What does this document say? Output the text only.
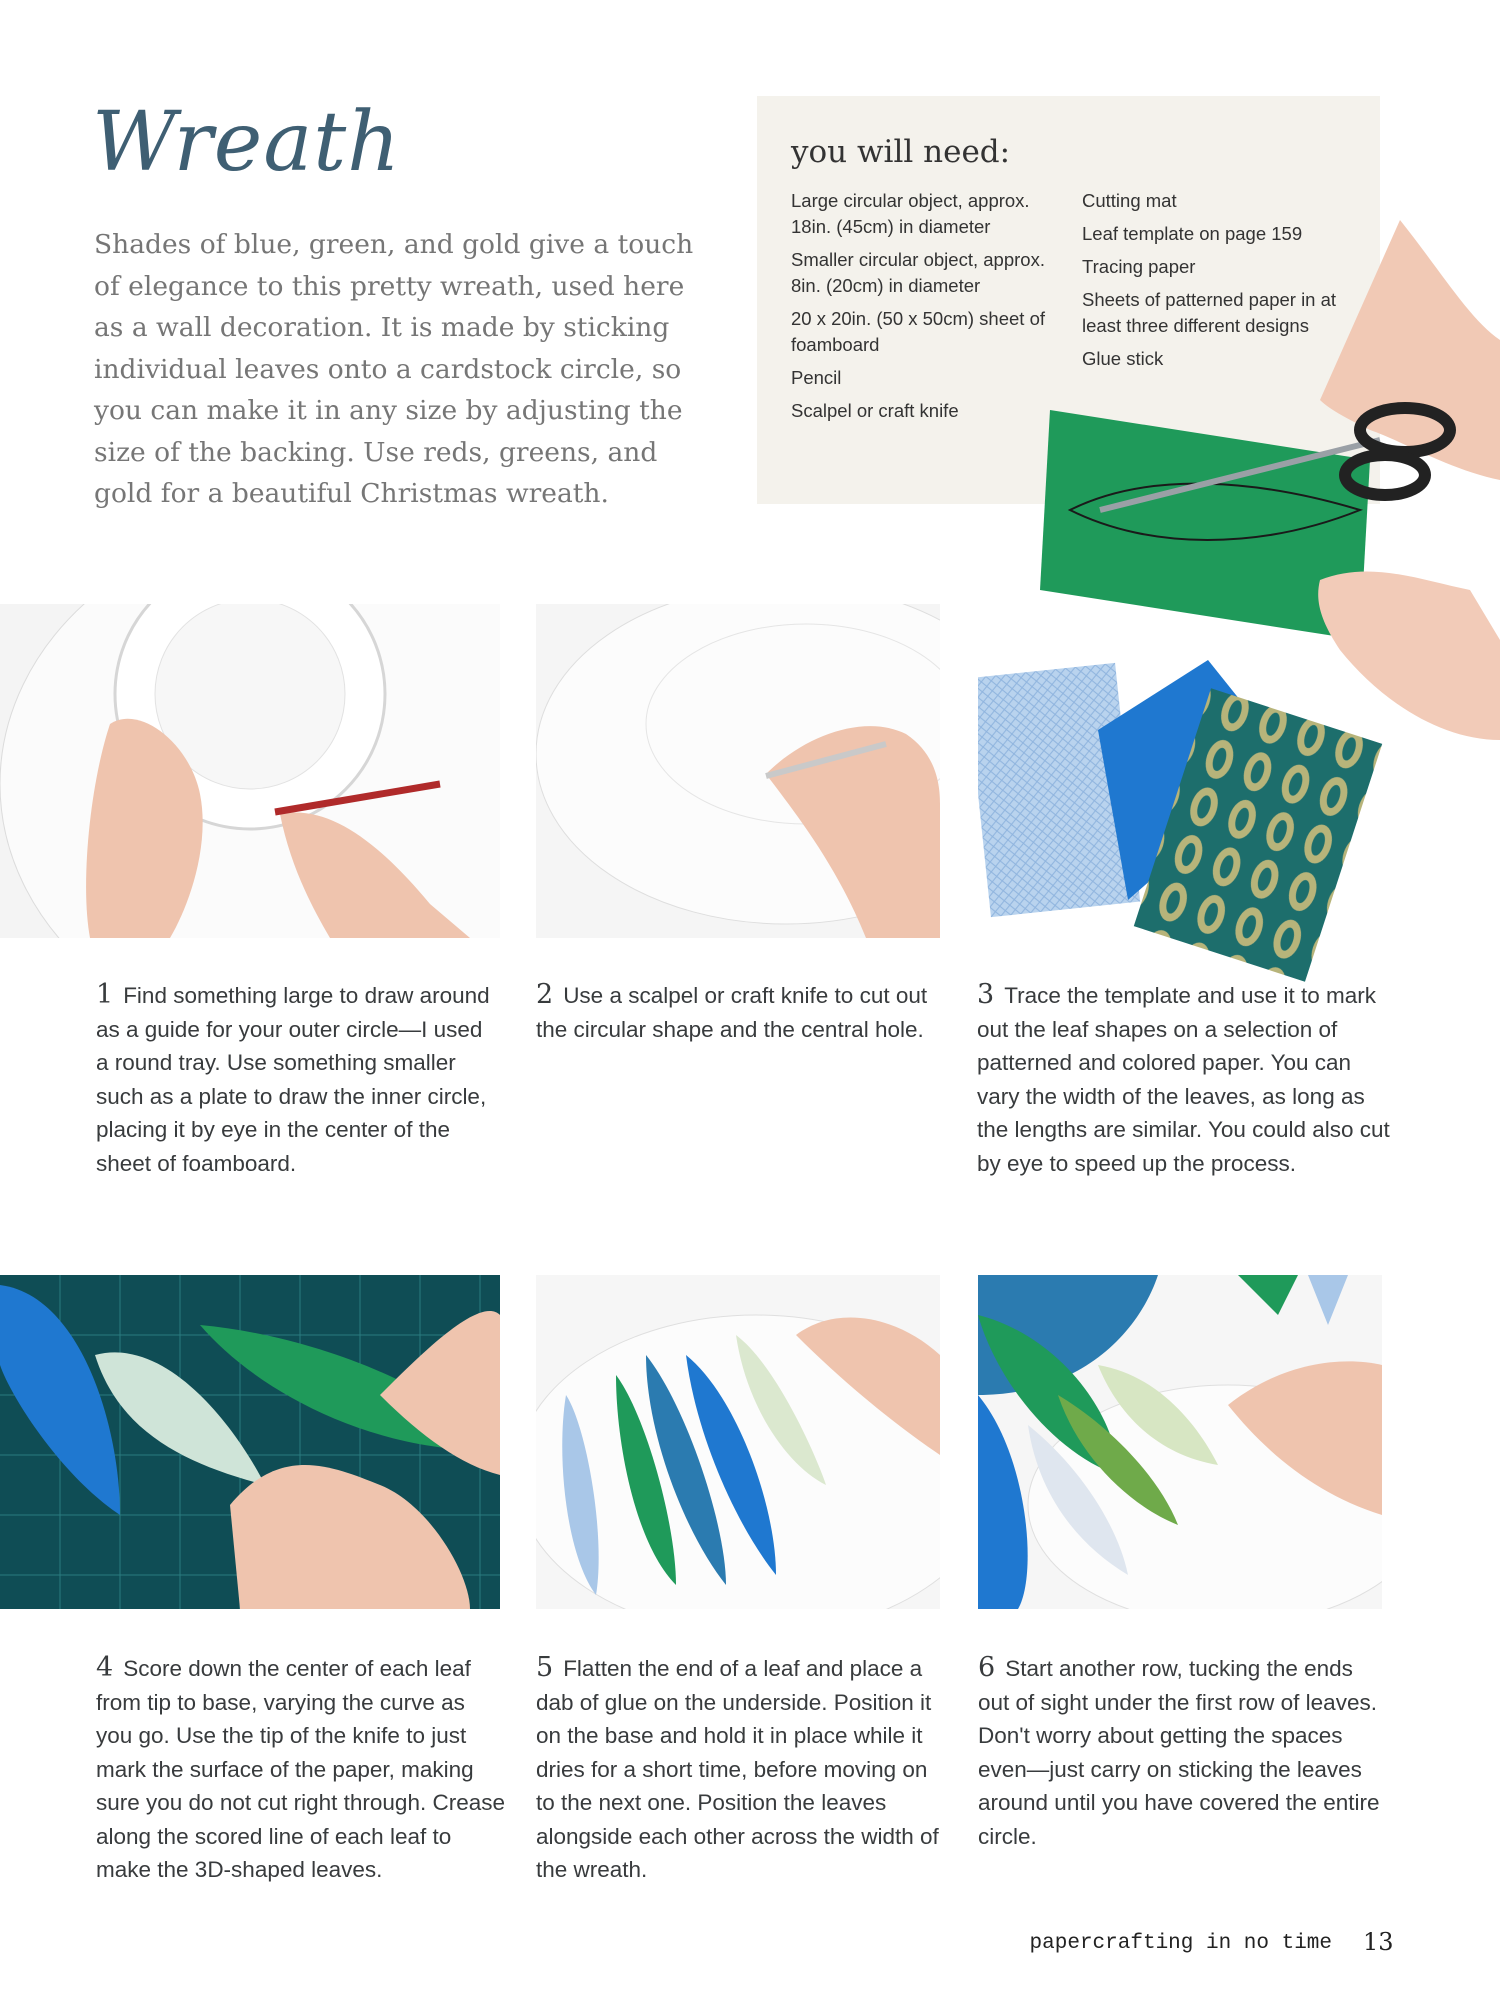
Wreath
Shades of blue, green, and gold give a touch of elegance to this pretty wreath, used here as a wall decoration. It is made by sticking individual leaves onto a cardstock circle, so you can make it in any size by adjusting the size of the backing. Use reds, greens, and gold for a beautiful Christmas wreath.
you will need:
Large circular object, approx. 18in. (45cm) in diameter
Smaller circular object, approx. 8in. (20cm) in diameter
20 x 20in. (50 x 50cm) sheet of foamboard
Pencil
Scalpel or craft knife
Cutting mat
Leaf template on page 159
Tracing paper
Sheets of patterned paper in at least three different designs
Glue stick
1 Find something large to draw around as a guide for your outer circle—I used a round tray. Use something smaller such as a plate to draw the inner circle, placing it by eye in the center of the sheet of foamboard.
2 Use a scalpel or craft knife to cut out the circular shape and the central hole.
3 Trace the template and use it to mark out the leaf shapes on a selection of patterned and colored paper. You can vary the width of the leaves, as long as the lengths are similar. You could also cut by eye to speed up the process.
4 Score down the center of each leaf from tip to base, varying the curve as you go. Use the tip of the knife to just mark the surface of the paper, making sure you do not cut right through. Crease along the scored line of each leaf to make the 3D-shaped leaves.
5 Flatten the end of a leaf and place a dab of glue on the underside. Position it on the base and hold it in place while it dries for a short time, before moving on to the next one. Position the leaves alongside each other across the width of the wreath.
6 Start another row, tucking the ends out of sight under the first row of leaves. Don't worry about getting the spaces even—just carry on sticking the leaves around until you have covered the entire circle.
papercrafting in no time 13
